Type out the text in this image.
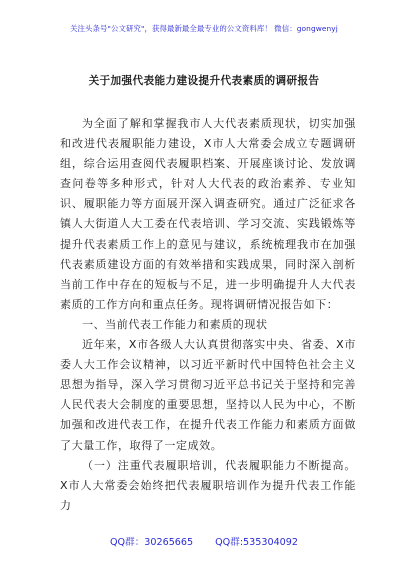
关注头条号"公文研究"，获得最新最全最专业的公文资料库！ 微信：gongwenyj
关于加强代表能力建设提升代表素质的调研报告

为全面了解和掌握我市人大代表素质现状，切实加强和改进代表履职能力建设，X市人大常委会成立专题调研组，综合运用查阅代表履职档案、开展座谈讨论、发放调查问卷等多种形式，针对人大代表的政治素养、专业知识、履职能力等方面展开深入调查研究。通过广泛征求各镇人大街道人大工委在代表培训、学习交流、实践锻炼等提升代表素质工作上的意见与建议，系统梳理我市在加强代表素质建设方面的有效举措和实践成果，同时深入剖析当前工作中存在的短板与不足，进一步明确提升人大代表素质的工作方向和重点任务。现将调研情况报告如下：

一、当前代表工作能力和素质的现状

近年来，X市各级人大认真贯彻落实中央、省委、X市委人大工作会议精神，以习近平新时代中国特色社会主义思想为指导，深入学习贯彻习近平总书记关于坚持和完善人民代表大会制度的重要思想，坚持以人民为中心，不断加强和改进代表工作，在提升代表工作能力和素质方面做了大量工作，取得了一定成效。

（一）注重代表履职培训，代表履职能力不断提高。X市人大常委会始终把代表履职培训作为提升代表工作能力

QQ群：30265665 QQ群:535304092
